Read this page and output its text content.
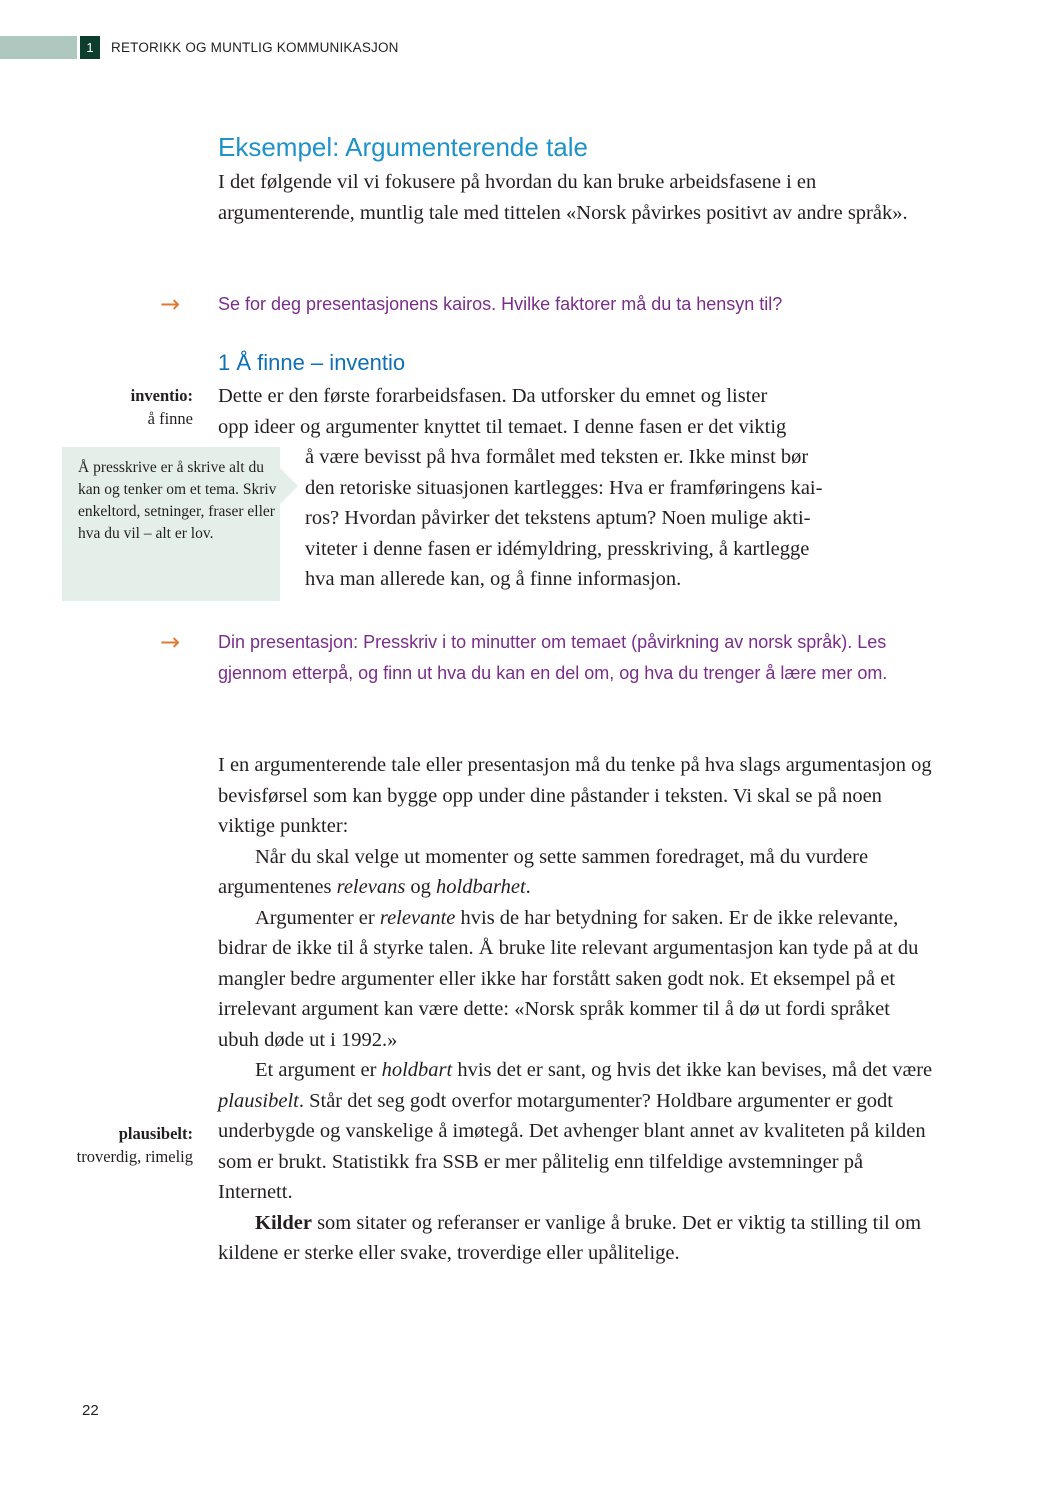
1	RETORIKK OG MUNTLIG KOMMUNIKASJON
Eksempel: Argumenterende tale

I det følgende vil vi fokusere på hvordan du kan bruke arbeidsfasene i en argumenterende, muntlig tale med tittelen «Norsk påvirkes positivt av andre språk».

→ Se for deg presentasjonens kairos. Hvilke faktorer må du ta hensyn til?

1 Å finne – inventio
inventio:
å finne
Dette er den første forarbeidsfasen. Da utforsker du emnet og lister
opp ideer og argumenter knyttet til temaet. I denne fasen er det viktig

Å presskrive er å skrive alt du kan og tenker om et tema. Skriv enkeltord, setninger, fraser eller hva du vil – alt er lov.

å være bevisst på hva formålet med teksten er. Ikke minst bør
den retoriske situasjonen kartlegges: Hva er framføringens kai-
ros? Hvordan påvirker det tekstens aptum? Noen mulige akti-
viteter i denne fasen er idémyldring, presskriving, å kartlegge
hva man allerede kan, og å finne informasjon.
→ Din presentasjon: Presskriv i to minutter om temaet (påvirkning av norsk språk). Les gjennom etterpå, og finn ut hva du kan en del om, og hva du trenger å lære mer om.

I en argumenterende tale eller presentasjon må du tenke på hva slags argumentasjon og bevisførsel som kan bygge opp under dine påstander i teksten. Vi skal se på noen viktige punkter:

Når du skal velge ut momenter og sette sammen foredraget, må du vurdere argumentenes relevans og holdbarhet.

Argumenter er relevante hvis de har betydning for saken. Er de ikke relevante, bidrar de ikke til å styrke talen. Å bruke lite relevant argumentasjon kan tyde på at du mangler bedre argumenter eller ikke har forstått saken godt nok. Et eksempel på et irrelevant argument kan være dette: «Norsk språk kommer til å dø ut fordi språket ubuh døde ut i 1992.»

Et argument er holdbart hvis det er sant, og hvis det ikke kan bevises, må det være plausibelt. Står det seg godt overfor motargumenter? Holdbare argumenter er godt underbygde og vanskelige å imøtegå. Det avhenger blant annet av kvaliteten på kilden som er brukt. Statistikk fra SSB er mer pålitelig enn tilfeldige avstemninger på Internett.

Kilder som sitater og referanser er vanlige å bruke. Det er viktig ta stilling til om kildene er sterke eller svake, troverdige eller upålitelige.

plausibelt:
troverdig, rimelig
22
